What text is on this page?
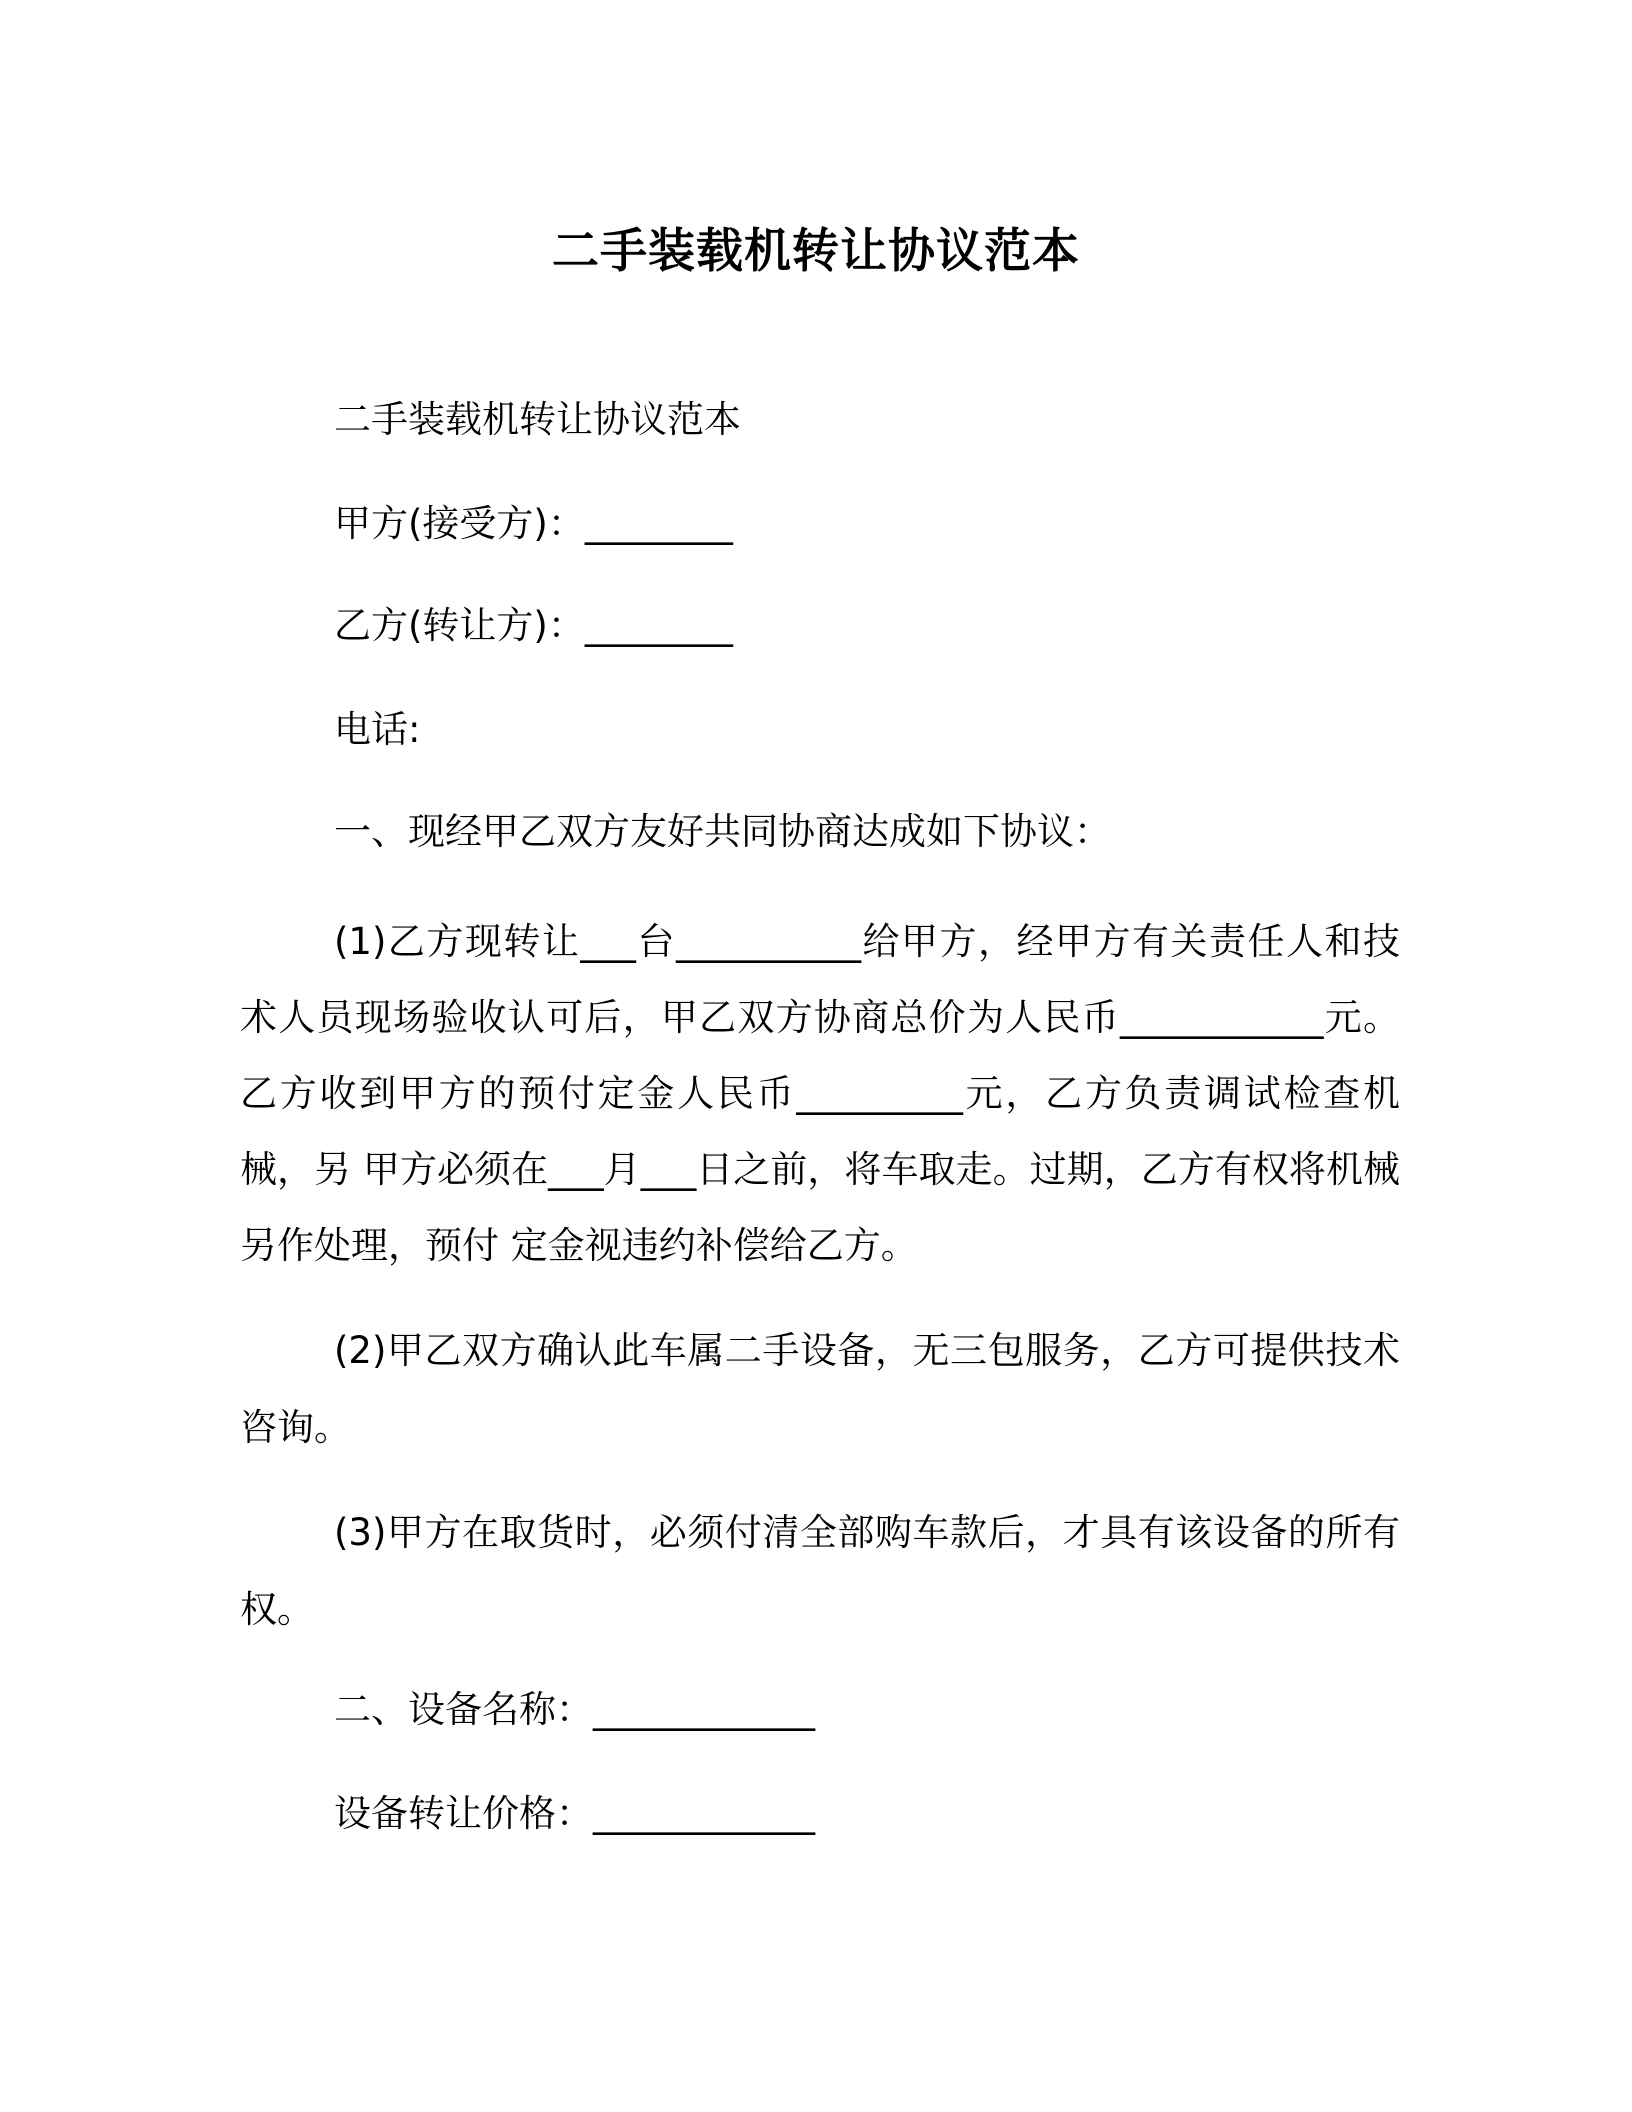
二手装载机转让协议范本
二手装载机转让协议范本
甲方(接受方)：________
乙方(转让方)：________
电话:
一、现经甲乙双方友好共同协商达成如下协议：

(1)乙方现转让___台__________给甲方，经甲方有关责任人和技术人员现场验收认可后，甲乙双方协商总价为人民币___________元。乙方收到甲方的预付定金人民币_________元，乙方负责调试检查机械，另 甲方必须在___月___日之前，将车取走。过期，乙方有权将机械另作处理，预付 定金视违约补偿给乙方。

(2)甲乙双方确认此车属二手设备，无三包服务，乙方可提供技术咨询。

(3)甲方在取货时，必须付清全部购车款后，才具有该设备的所有权。

二、设备名称：____________
设备转让价格：____________
